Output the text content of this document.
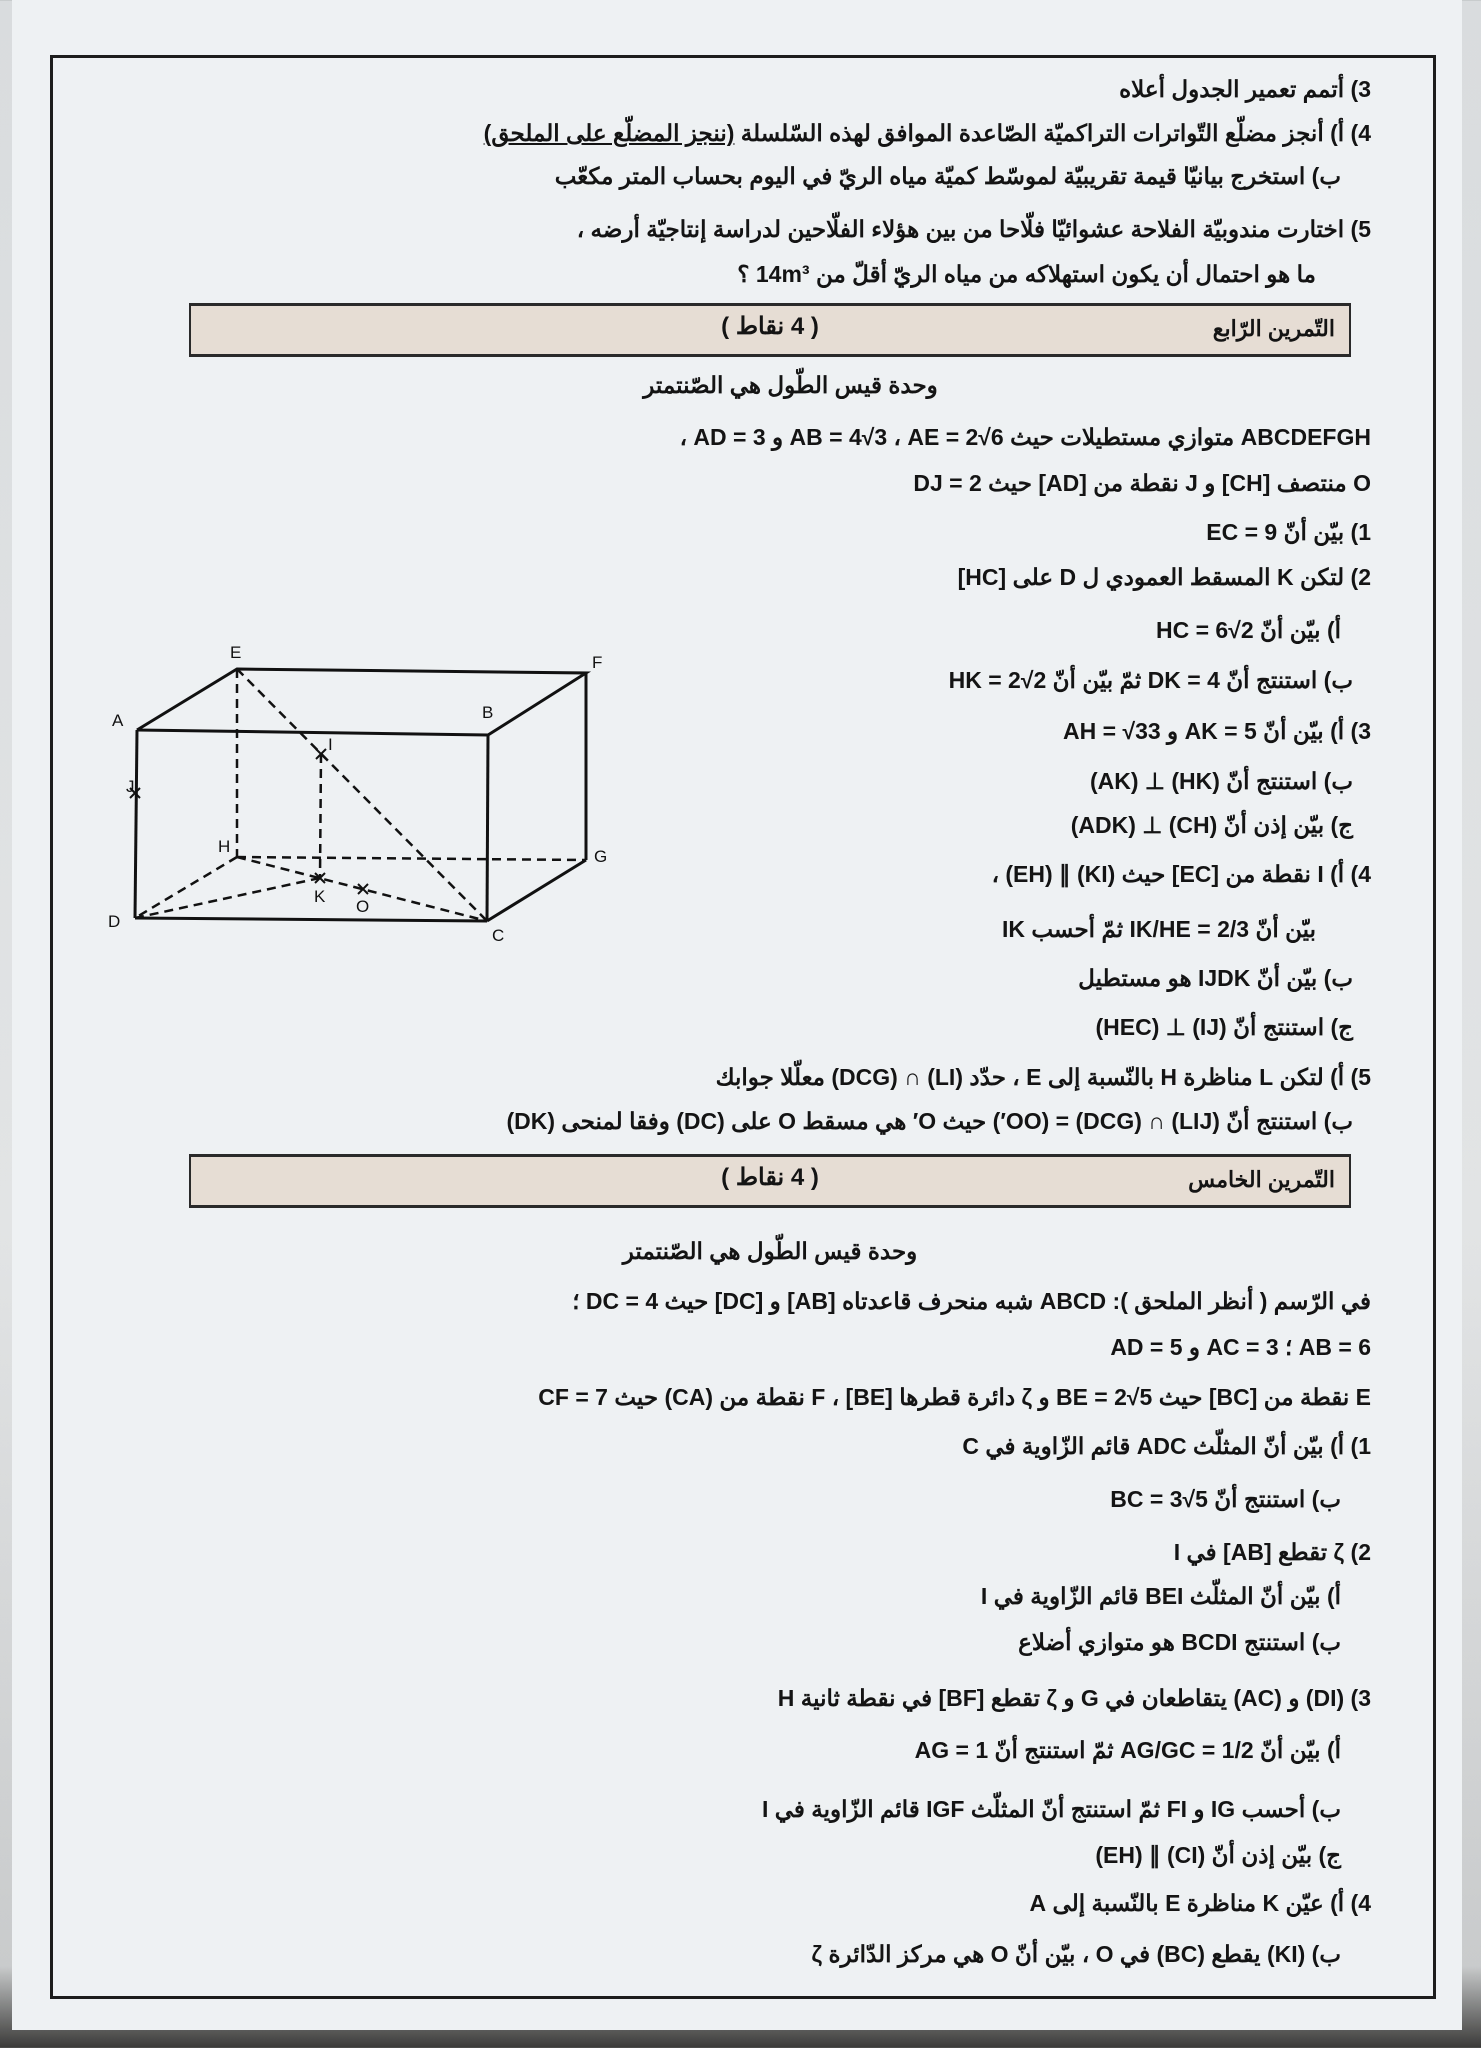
3) أتمم تعمير الجدول أعلاه
4) أ) أنجز مضلّع التّواترات التراكميّة الصّاعدة الموافق لهذه السّلسلة (ننجز المضلّع على الملحق)
ب) استخرج بيانيّا قيمة تقريبيّة لموسّط كميّة مياه الريّ في اليوم بحساب المتر مكعّب
5) اختارت مندوبيّة الفلاحة عشوائيّا فلّاحا من بين هؤلاء الفلّاحين لدراسة إنتاجيّة أرضه ،
ما هو احتمال أن يكون استهلاكه من مياه الريّ أقلّ من 14m³ ؟
التّمرين الرّابع
( 4 نقاط )
وحدة قيس الطّول هي الصّنتمتر
ABCDEFGH متوازي مستطيلات حيث AB = 4√3 ، AE = 2√6 و AD = 3 ،
O منتصف [CH] و J نقطة من [AD] حيث DJ = 2
1) بيّن أنّ EC = 9
2) لتكن K المسقط العمودي ل D على [HC]
أ) بيّن أنّ HC = 6√2
ب) استنتج أنّ DK = 4 ثمّ بيّن أنّ HK = 2√2
3) أ) بيّن أنّ AK = 5 و AH = √33
ب) استنتج أنّ (HK) ⊥ (AK)
ج) بيّن إذن أنّ (CH) ⊥ (ADK)
4) أ) I نقطة من [EC] حيث (KI) ∥ (EH) ،
بيّن أنّ IK/HE = 2/3 ثمّ أحسب IK
ب) بيّن أنّ IJDK هو مستطيل
ج) استنتج أنّ (IJ) ⊥ (HEC)
5) أ) لتكن L مناظرة H بالنّسبة إلى E ، حدّد (LI) ∩ (DCG) معلّلا جوابك
ب) استنتج أنّ (LIJ) ∩ (DCG) = (OO′) حيث O′ هي مسقط O على (DC) وفقا لمنحى (DK)
E
F
A	B
J
I
H
G
K
O
D
C
التّمرين الخامس
( 4 نقاط )
وحدة قيس الطّول هي الصّنتمتر
في الرّسم ( أنظر الملحق ): ABCD شبه منحرف قاعدتاه [AB] و [DC] حيث DC = 4 ؛
AB = 6 ؛ AC = 3 و AD = 5
E نقطة من [BC] حيث BE = 2√5 و ζ دائرة قطرها [BE] ، F نقطة من (CA) حيث CF = 7
1) أ) بيّن أنّ المثلّث ADC قائم الزّاوية في C
ب) استنتج أنّ BC = 3√5
2) ζ تقطع [AB] في I
أ) بيّن أنّ المثلّث BEI قائم الزّاوية في I
ب) استنتج BCDI هو متوازي أضلاع
3) (DI) و (AC) يتقاطعان في G و ζ تقطع [BF] في نقطة ثانية H
أ) بيّن أنّ AG/GC = 1/2 ثمّ استنتج أنّ AG = 1
ب) أحسب IG و FI ثمّ استنتج أنّ المثلّث IGF قائم الزّاوية في I
ج) بيّن إذن أنّ (CI) ∥ (EH)
4) أ) عيّن K مناظرة E بالنّسبة إلى A
ب) (KI) يقطع (BC) في O ، بيّن أنّ O هي مركز الدّائرة ζ
